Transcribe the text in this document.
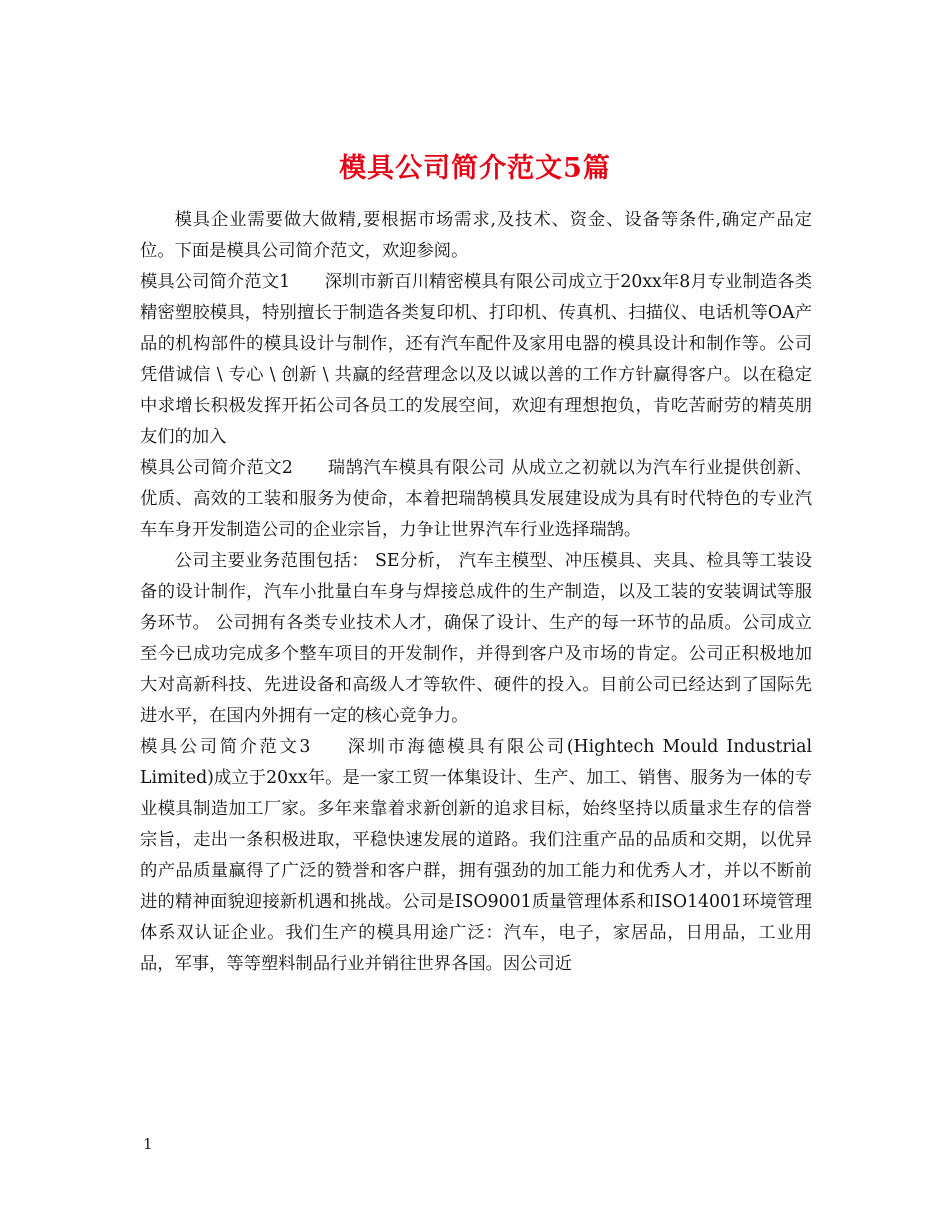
模具公司简介范文5篇

模具企业需要做大做精,要根据市场需求,及技术、资金、设备等条件,确定产品定位。下面是模具公司简介范文，欢迎参阅。

模具公司简介范文1 深圳市新百川精密模具有限公司成立于20xx年8月专业制造各类精密塑胶模具，特别擅长于制造各类复印机、打印机、传真机、扫描仪、电话机等OA产品的机构部件的模具设计与制作，还有汽车配件及家用电器的模具设计和制作等。公司凭借诚信 \ 专心 \ 创新 \ 共赢的经营理念以及以诚以善的工作方针赢得客户。以在稳定中求增长积极发挥开拓公司各员工的发展空间，欢迎有理想抱负，肯吃苦耐劳的精英朋友们的加入

模具公司简介范文2 瑞鹄汽车模具有限公司 从成立之初就以为汽车行业提供创新、优质、高效的工装和服务为使命，本着把瑞鹄模具发展建设成为具有时代特色的专业汽车车身开发制造公司的企业宗旨，力争让世界汽车行业选择瑞鹄。

公司主要业务范围包括： SE分析， 汽车主模型、冲压模具、夹具、检具等工装设备的设计制作，汽车小批量白车身与焊接总成件的生产制造，以及工装的安装调试等服务环节。 公司拥有各类专业技术人才，确保了设计、生产的每一环节的品质。公司成立至今已成功完成多个整车项目的开发制作，并得到客户及市场的肯定。公司正积极地加大对高新科技、先进设备和高级人才等软件、硬件的投入。目前公司已经达到了国际先进水平，在国内外拥有一定的核心竞争力。

模具公司简介范文3 深圳市海德模具有限公司(Hightech Mould Industrial Limited)成立于20xx年。是一家工贸一体集设计、生产、加工、销售、服务为一体的专业模具制造加工厂家。多年来靠着求新创新的追求目标，始终坚持以质量求生存的信誉宗旨，走出一条积极进取，平稳快速发展的道路。我们注重产品的品质和交期，以优异的产品质量赢得了广泛的赞誉和客户群，拥有强劲的加工能力和优秀人才，并以不断前进的精神面貌迎接新机遇和挑战。公司是ISO9001质量管理体系和ISO14001环境管理体系双认证企业。我们生产的模具用途广泛：汽车，电子，家居品，日用品，工业用品，军事，等等塑料制品行业并销往世界各国。因公司近

1
